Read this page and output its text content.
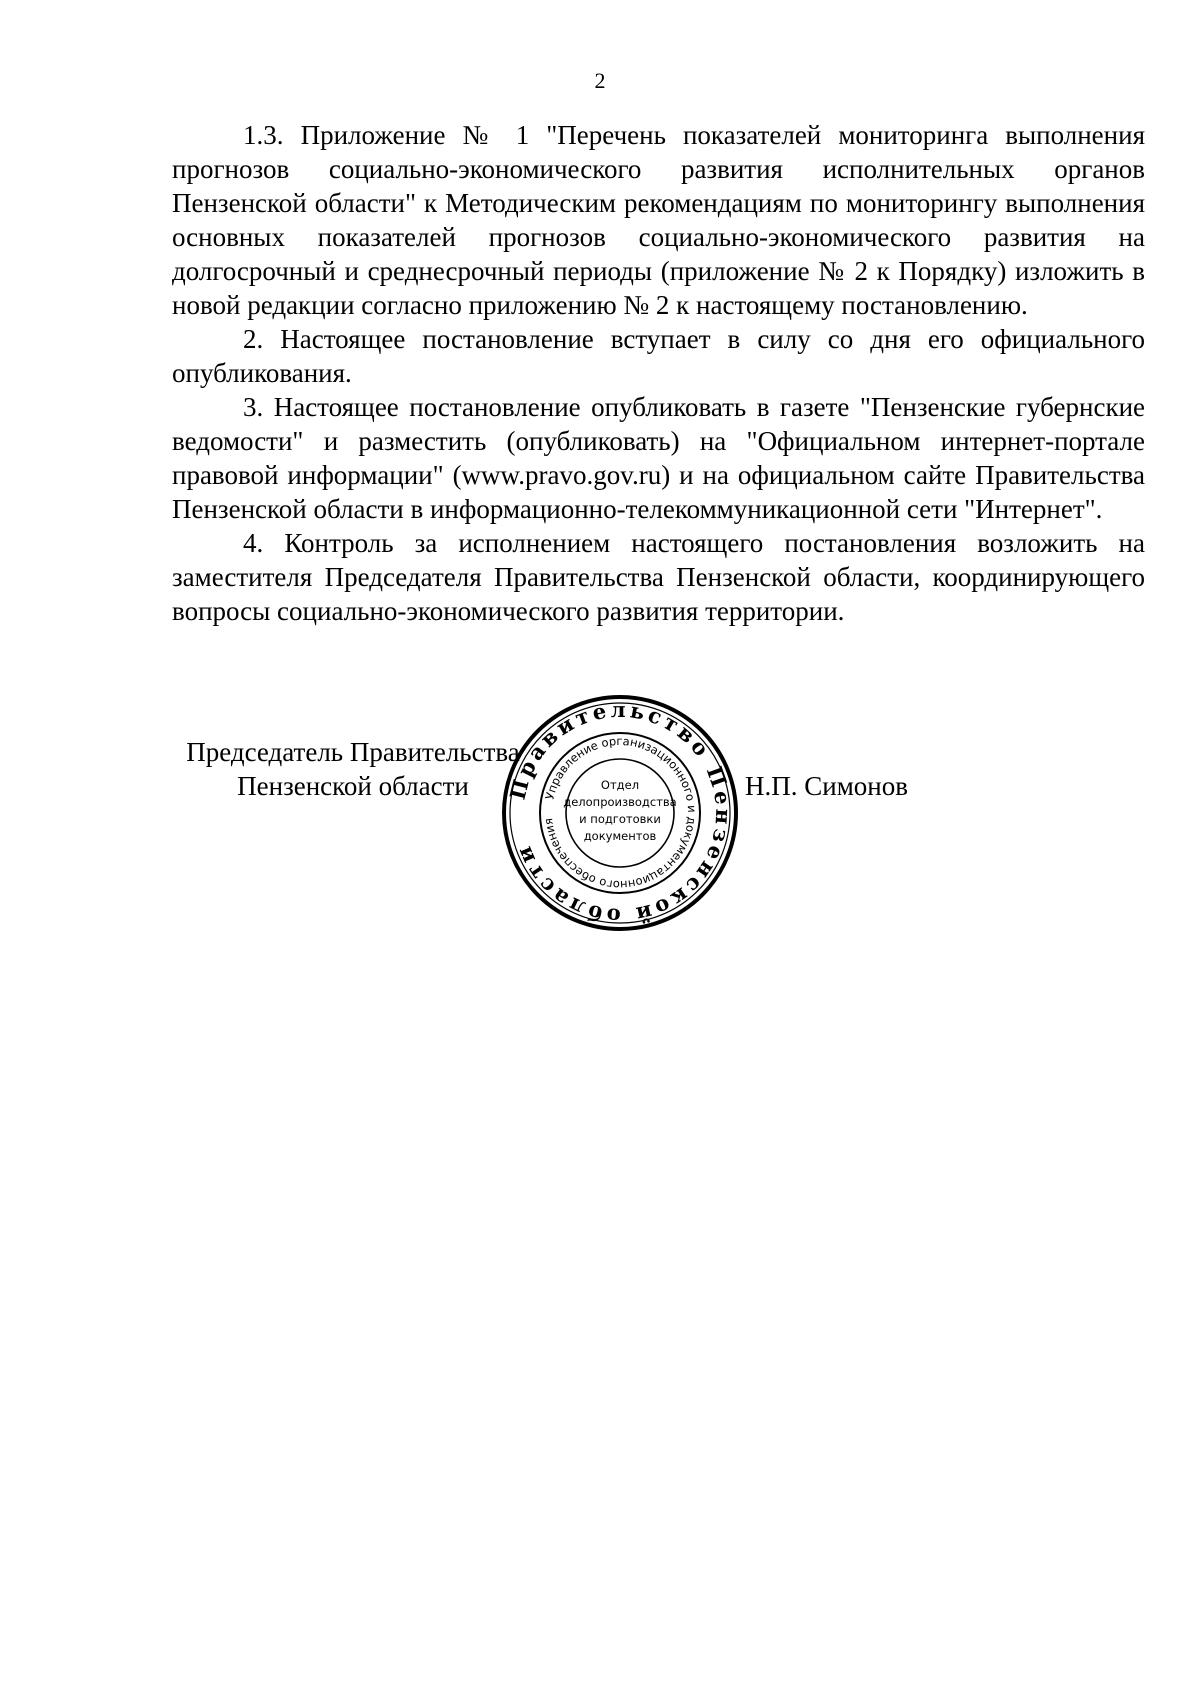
2

1.3. Приложение № 1 "Перечень показателей мониторинга выполнения прогнозов социально-экономического развития исполнительных органов Пензенской области" к Методическим рекомендациям по мониторингу выполнения основных показателей прогнозов социально-экономического развития на долгосрочный и среднесрочный периоды (приложение № 2 к Порядку) изложить в новой редакции согласно приложению № 2 к настоящему постановлению.

2. Настоящее постановление вступает в силу со дня его официального опубликования.

3. Настоящее постановление опубликовать в газете "Пензенские губернские ведомости" и разместить (опубликовать) на "Официальном интернет-портале правовой информации" (www.pravo.gov.ru) и на официальном сайте Правительства Пензенской области в информационно-телекоммуникационной сети "Интернет".

4. Контроль за исполнением настоящего постановления возложить на заместителя Председателя Правительства Пензенской области, координирующего вопросы социально-экономического развития территории.

Председатель Правительства
Пензенской области	Н.П. Симонов
Правительство Пензенской области
Управление организационного и документационного обеспечения
Отдел
делопроизводства
и подготовки
документов
